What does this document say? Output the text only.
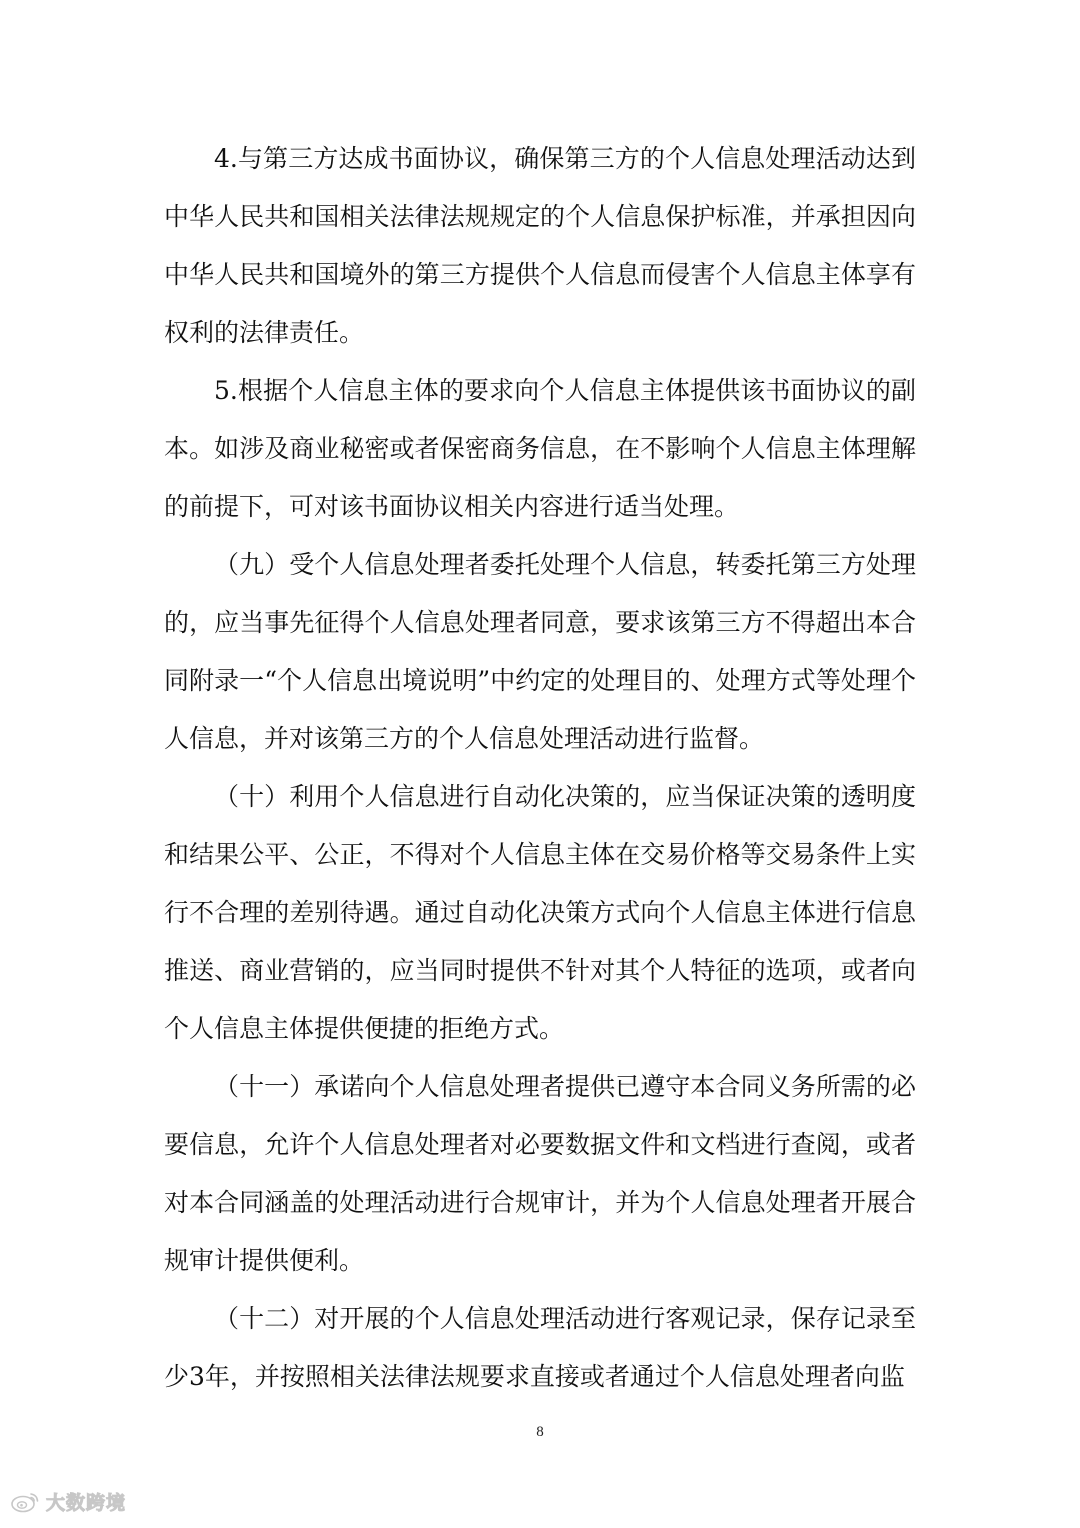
4.与第三方达成书面协议，确保第三方的个人信息处理活动达到中华人民共和国相关法律法规规定的个人信息保护标准，并承担因向中华人民共和国境外的第三方提供个人信息而侵害个人信息主体享有权利的法律责任。

5.根据个人信息主体的要求向个人信息主体提供该书面协议的副本。如涉及商业秘密或者保密商务信息，在不影响个人信息主体理解的前提下，可对该书面协议相关内容进行适当处理。

（九）受个人信息处理者委托处理个人信息，转委托第三方处理的，应当事先征得个人信息处理者同意，要求该第三方不得超出本合同附录一“个人信息出境说明”中约定的处理目的、处理方式等处理个人信息，并对该第三方的个人信息处理活动进行监督。

（十）利用个人信息进行自动化决策的，应当保证决策的透明度和结果公平、公正，不得对个人信息主体在交易价格等交易条件上实行不合理的差别待遇。通过自动化决策方式向个人信息主体进行信息推送、商业营销的，应当同时提供不针对其个人特征的选项，或者向个人信息主体提供便捷的拒绝方式。

（十一）承诺向个人信息处理者提供已遵守本合同义务所需的必要信息，允许个人信息处理者对必要数据文件和文档进行查阅，或者对本合同涵盖的处理活动进行合规审计，并为个人信息处理者开展合规审计提供便利。

（十二）对开展的个人信息处理活动进行客观记录，保存记录至少3年，并按照相关法律法规要求直接或者通过个人信息处理者向监

8
大数跨境
